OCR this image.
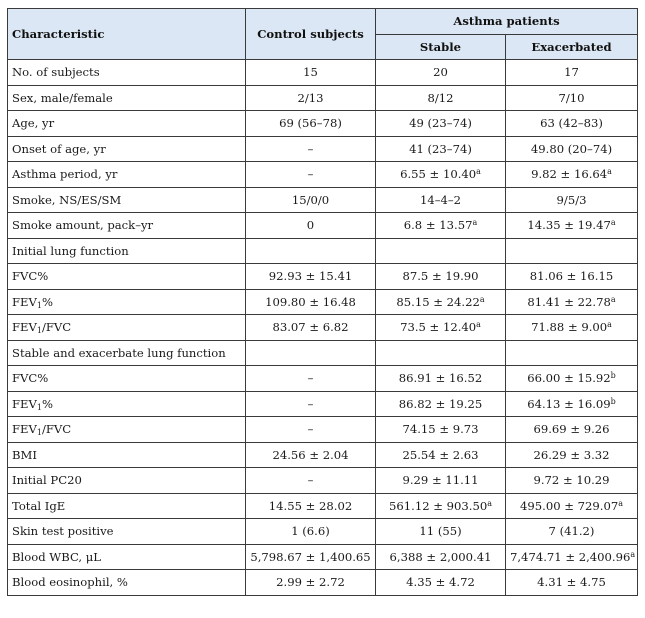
Characteristic	Control subjects	Asthma patients	
		Stable	Exacerbated
No. of subjects	15	20	17
Sex, male/female	2/13	8/12	7/10
Age, yr	69 (56–78)	49 (23–74)	63 (42–83)
Onset of age, yr	–	41 (23–74)	49.80 (20–74)
Asthma period, yr	–	6.55 ± 10.40$^a$	9.82 ± 16.64$^a$
Smoke, NS/ES/SM	15/0/0	14–4–2	9/5/3
Smoke amount, pack–yr	0	6.8 ± 13.57$^a$	14.35 ± 19.47$^a$
Initial lung function			
FVC%	92.93 ± 15.41	87.5 ± 19.90	81.06 ± 16.15
$FEV_1\%$	109.80 ± 16.48	85.15 ± 24.22$^a$	81.41 ± 22.78$^a$
$FEV_1$/FVC	83.07 ± 6.82	73.5 ± 12.40$^a$	71.88 ± 9.00$^a$
Stable and exacerbate lung function			
FVC%	–	86.91 ± 16.52	66.00 ± 15.92$^b$
$FEV_1\%$	–	86.82 ± 19.25	64.13 ± 16.09$^b$
$FEV_1$/FVC	–	74.15 ± 9.73	69.69 ± 9.26
BMI	24.56 ± 2.04	25.54 ± 2.63	26.29 ± 3.32
Initial PC20	–	9.29 ± 11.11	9.72 ± 10.29
Total IgE	14.55 ± 28.02	561.12 ± 903.50$^a$	495.00 ± 729.07$^a$
Skin test positive	1 (6.6)	11 (55)	7 (41.2)
Blood WBC, μL	5,798.67 ± 1,400.65	6,388 ± 2,000.41	7,474.71 ± 2,400.96$^a$
Blood eosinophil, %	2.99 ± 2.72	4.35 ± 4.72	4.31 ± 4.75
